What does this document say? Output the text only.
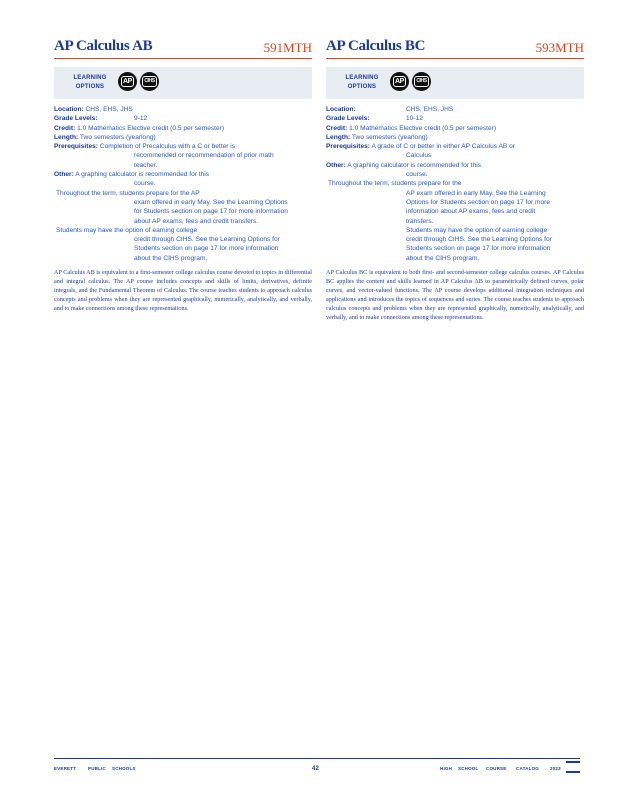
AP Calculus AB	591MTH
LEARNING OPTIONS
AP	CIHS
Location: CHS, EHS, JHS
Grade Levels:	9-12
Credit: 1.0 Mathematics Elective credit (0.5 per semester)
Length: Two semesters (yearlong)
Prerequisites: Completion of Precalculus with a C or better is
recommended or recommendation of prior math
teacher.
Other: A graphing calculator is recommended for this
course.
Throughout the term, students prepare for the AP
exam offered in early May. See the Learning Options
for Students section on page 17 for more information
about AP exams, fees and credit transfers.
Students may have the option of earning college
credit through CIHS. See the Learning Options for
Students section on page 17 for more information
about the CIHS program.
AP Calculus AB is equivalent to a first-semester college calculus course devoted to topics in differential and integral calculus. The AP course includes concepts and skills of limits, derivatives, definite integrals, and the Fundamental Theorem of Calculus. The course teaches students to approach calculus concepts and problems when they are represented graphically, numerically, analytically, and verbally, and to make connections among these representations.
AP Calculus BC	593MTH
LEARNING OPTIONS
AP	CIHS
Location:	CHS, EHS, JHS
Grade Levels:	10-12
Credit: 1.0 Mathematics Elective credit (0.5 per semester)
Length: Two semesters (yearlong)
Prerequisites: A grade of C or better in either AP Calculus AB or
Calculus
Other: A graphing calculator is recommended for this
course.
Throughout the term, students prepare for the
AP exam offered in early May. See the Learning
Options for Students section on page 17 for more
information about AP exams, fees and credit
transfers.
Students may have the option of earning college
credit through CIHS. See the Learning Options for
Students section on page 17 for more information
about the CIHS program.
AP Calculus BC is equivalent to both first- and second-semester college calculus courses. AP Calculus BC applies the content and skills learned in AP Calculus AB to parametrically defined curves, polar curves, and vector-valued functions. The AP course develops additional integration techniques and applications and introduces the topics of sequences and series. The course teaches students to approach calculus concepts and problems when they are represented graphically, numerically, analytically, and verbally, and to make connections among these representations.
EVERETT	PUBLIC SCHOOLS	42	HIGH SCHOOL COURSE CATALOG 2023
